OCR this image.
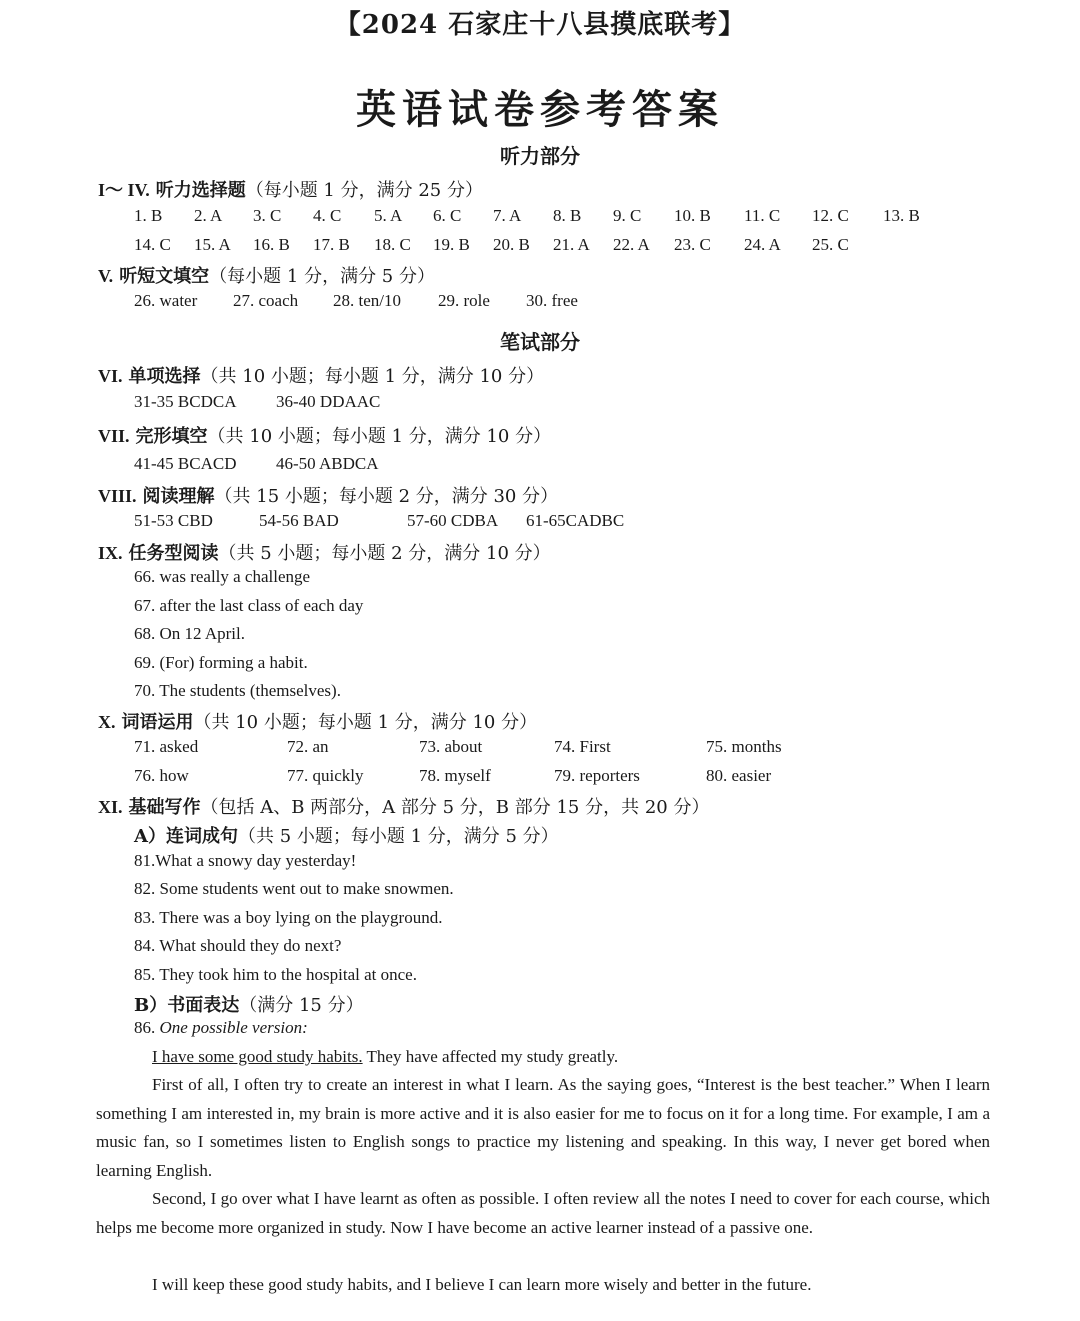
【2024 石家庄十八县摸底联考】
英语试卷参考答案
听力部分
I～ IV. 听力选择题（每小题 1 分，满分 25 分）
1. B 2. A 3. C 4. C 5. A 6. C 7. A 8. B 9. C 10. B 11. C 12. C 13. B
14. C 15. A 16. B 17. B 18. C 19. B 20. B 21. A 22. A 23. C 24. A 25. C
V. 听短文填空（每小题 1 分，满分 5 分）
26. water 27. coach 28. ten/10 29. role 30. free
笔试部分
VI. 单项选择（共 10 小题；每小题 1 分，满分 10 分）
31-35 BCDCA 36-40 DDAAC
VII. 完形填空（共 10 小题；每小题 1 分，满分 10 分）
41-45 BCACD 46-50 ABDCA
VIII. 阅读理解（共 15 小题；每小题 2 分，满分 30 分）
51-53 CBD	54-56 BAD	57-60 CDBA 61-65CADBC
IX. 任务型阅读（共 5 小题；每小题 2 分，满分 10 分）
66. was really a challenge
67. after the last class of each day
68. On 12 April.
69. (For) forming a habit.
70. The students (themselves).
X. 词语运用（共 10 小题；每小题 1 分，满分 10 分）
71. asked	72. an	73. about	74. First	75. months
76. how	77. quickly	78. myself	79. reporters	80. easier
XI. 基础写作（包括 A、B 两部分，A 部分 5 分，B 部分 15 分，共 20 分）
A）连词成句（共 5 小题；每小题 1 分，满分 5 分）
81.What a snowy day yesterday!
82. Some students went out to make snowmen.
83. There was a boy lying on the playground.
84. What should they do next?
85. They took him to the hospital at once.
B）书面表达（满分 15 分）
86. One possible version:
I have some good study habits. They have affected my study greatly.

First of all, I often try to create an interest in what I learn. As the saying goes, “Interest is the best teacher.” When I learn something I am interested in, my brain is more active and it is also easier for me to focus on it for a long time. For example, I am a music fan, so I sometimes listen to English songs to practice my listening and speaking. In this way, I never get bored when learning English.

Second, I go over what I have learnt as often as possible. I often review all the notes I need to cover for each course, which helps me become more organized in study. Now I have become an active learner instead of a passive one.

I will keep these good study habits, and I believe I can learn more wisely and better in the future.
